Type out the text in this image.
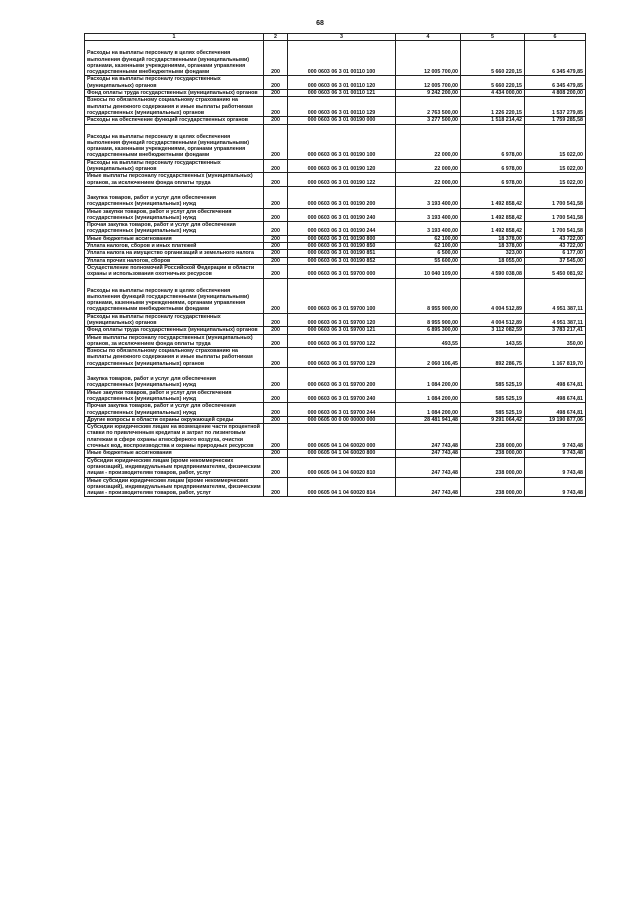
68
1	2	3	4	5	6
Расходы на выплаты персоналу в целях обеспечения выполнения функций государственными (муниципальными) органами, казенными учреждениями, органами управления государственными внебюджетными фондами	200	000 0603 06 3 01 00110 100	12 005 700,00	5 660 220,15	6 345 479,85
Расходы на выплаты персоналу государственных (муниципальных) органов	200	000 0603 06 3 01 00110 120	12 005 700,00	5 660 220,15	6 345 479,85
Фонд оплаты труда государственных (муниципальных) органов	200	000 0603 06 3 01 00110 121	9 242 200,00	4 434 000,00	4 808 200,00
Взносы по обязательному социальному страхованию на выплаты денежного содержания и иные выплаты работникам государственных (муниципальных) органов	200	000 0603 06 3 01 00110 129	2 763 500,00	1 226 220,15	1 537 279,85
Расходы на обеспечение функций государственных органов	200	000 0603 06 3 01 00190 000	3 277 500,00	1 518 214,42	1 759 285,58
Расходы на выплаты персоналу в целях обеспечения выполнения функций государственными (муниципальными) органами, казенными учреждениями, органами управления государственными внебюджетными фондами	200	000 0603 06 3 01 00190 100	22 000,00	6 978,00	15 022,00
Расходы на выплаты персоналу государственных (муниципальных) органов	200	000 0603 06 3 01 00190 120	22 000,00	6 978,00	15 022,00
Иные выплаты персоналу государственных (муниципальных) органов, за исключением фонда оплаты труда	200	000 0603 06 3 01 00190 122	22 000,00	6 978,00	15 022,00
Закупка товаров, работ и услуг для обеспечения государственных (муниципальных) нужд	200	000 0603 06 3 01 00190 200	3 193 400,00	1 492 858,42	1 700 541,58
Иные закупки товаров, работ и услуг для обеспечения государственных (муниципальных) нужд	200	000 0603 06 3 01 00190 240	3 193 400,00	1 492 858,42	1 700 541,58
Прочая закупка товаров, работ и услуг для обеспечения государственных (муниципальных) нужд	200	000 0603 06 3 01 00190 244	3 193 400,00	1 492 858,42	1 700 541,58
Иные бюджетные ассигнования	200	000 0603 06 3 01 00190 800	62 100,00	18 378,00	43 722,00
Уплата налогов, сборов и иных платежей	200	000 0603 06 3 01 00190 850	62 100,00	18 378,00	43 722,00
Уплата налога на имущество организаций и земельного налога	200	000 0603 06 3 01 00190 851	6 500,00	323,00	6 177,00
Уплата прочих налогов, сборов	200	000 0603 06 3 01 00190 852	55 600,00	18 055,00	37 545,00
Осуществление полномочий Российской Федерации в области охраны и использования охотничьих ресурсов	200	000 0603 06 3 01 59700 000	10 040 109,00	4 590 038,08	5 450 081,92
Расходы на выплаты персоналу в целях обеспечения выполнения функций государственными (муниципальными) органами, казенными учреждениями, органами управления государственными внебюджетными фондами	200	000 0603 06 3 01 59700 100	8 955 900,00	4 004 512,89	4 951 387,11
Расходы на выплаты персоналу государственных (муниципальных) органов	200	000 0603 06 3 01 59700 120	8 955 900,00	4 004 512,89	4 951 387,11
Фонд оплаты труда государственных (муниципальных) органов	200	000 0603 06 3 01 59700 121	6 895 300,00	3 112 082,59	3 783 217,41
Иные выплаты персоналу государственных (муниципальных) органов, за исключением фонда оплаты труда	200	000 0603 06 3 01 59700 122	493,55	143,55	350,00
Взносы по обязательному социальному страхованию на выплаты денежного содержания и иные выплаты работникам государственных (муниципальных) органов	200	000 0603 06 3 01 59700 129	2 060 106,45	892 286,75	1 167 819,70
Закупка товаров, работ и услуг для обеспечения государственных (муниципальных) нужд	200	000 0603 06 3 01 59700 200	1 084 200,00	585 525,19	498 674,81
Иные закупки товаров, работ и услуг для обеспечения государственных (муниципальных) нужд	200	000 0603 06 3 01 59700 240	1 084 200,00	585 525,19	498 674,81
Прочая закупка товаров, работ и услуг для обеспечения государственных (муниципальных) нужд	200	000 0603 06 3 01 59700 244	1 084 200,00	585 525,19	498 674,81
Другие вопросы в области охраны окружающей среды	200	000 0605 00 0 00 00000 000	28 481 941,48	9 291 064,42	19 190 877,06
Субсидии юридическим лицам на возмещение части процентной ставки по привлеченным кредитам и затрат по лизинговым платежам в сфере охраны атмосферного воздуха, очистки сточных вод, воспроизводства и охраны природных ресурсов	200	000 0605 04 1 04 60020 000	247 743,48	238 000,00	9 743,48
Иные бюджетные ассигнования	200	000 0605 04 1 04 60020 800	247 743,48	238 000,00	9 743,48
Субсидии юридическим лицам (кроме некоммерческих организаций), индивидуальным предпринимателям, физическим лицам - производителям товаров, работ, услуг	200	000 0605 04 1 04 60020 810	247 743,48	238 000,00	9 743,48
Иные субсидии юридическим лицам (кроме некоммерческих организаций), индивидуальным предпринимателям, физическим лицам - производителям товаров, работ, услуг	200	000 0605 04 1 04 60020 814	247 743,48	238 000,00	9 743,48
